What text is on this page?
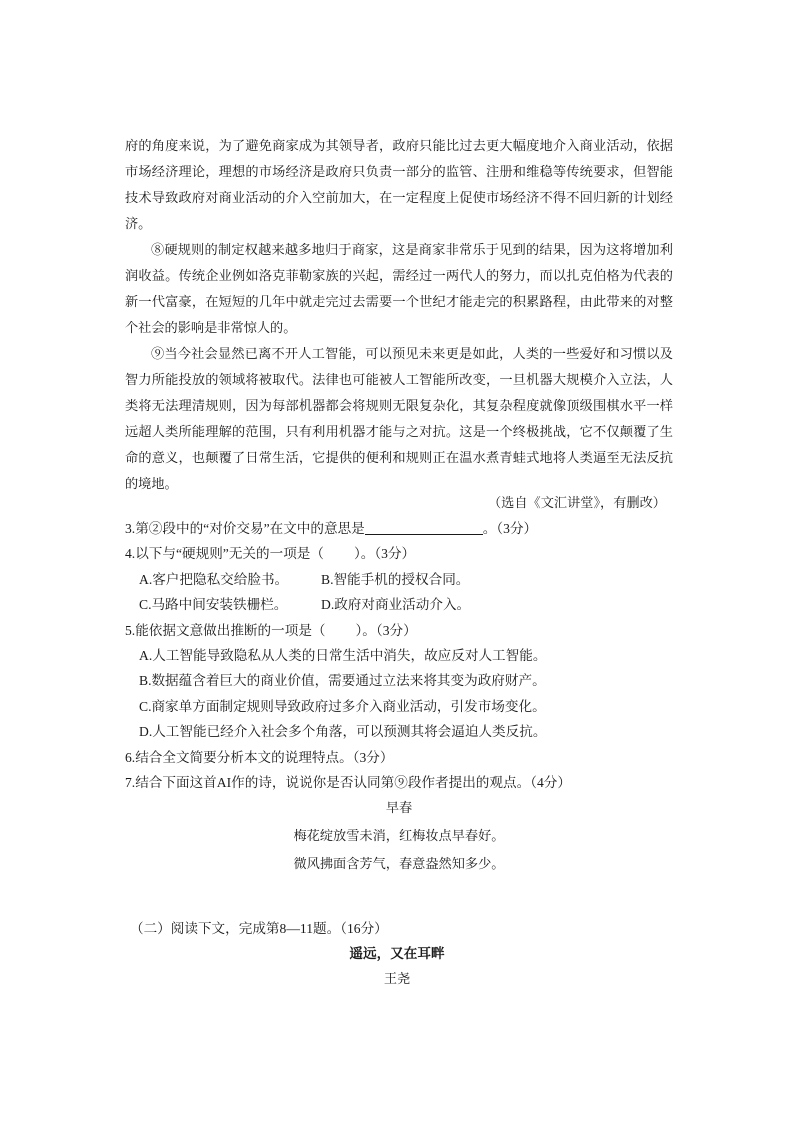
府的角度来说，为了避免商家成为其领导者，政府只能比过去更大幅度地介入商业活动，依据市场经济理论，理想的市场经济是政府只负责一部分的监管、注册和维稳等传统要求，但智能技术导致政府对商业活动的介入空前加大，在一定程度上促使市场经济不得不回归新的计划经济。

⑧硬规则的制定权越来越多地归于商家，这是商家非常乐于见到的结果，因为这将增加利润收益。传统企业例如洛克菲勒家族的兴起，需经过一两代人的努力，而以扎克伯格为代表的新一代富豪，在短短的几年中就走完过去需要一个世纪才能走完的积累路程，由此带来的对整个社会的影响是非常惊人的。

⑨当今社会显然已离不开人工智能，可以预见未来更是如此，人类的一些爱好和习惯以及智力所能投放的领域将被取代。法律也可能被人工智能所改变，一旦机器大规模介入立法，人类将无法理清规则，因为每部机器都会将规则无限复杂化，其复杂程度就像顶级围棋水平一样远超人类所能理解的范围，只有利用机器才能与之对抗。这是一个终极挑战，它不仅颠覆了生命的意义，也颠覆了日常生活，它提供的便利和规则正在温水煮青蛙式地将人类逼至无法反抗的境地。

（选自《文汇讲堂》，有删改）

3.第②段中的“对价交易”在文中的意思是	。（3分）

4.以下与“硬规则”无关的一项是（ ）。（3分）

A.客户把隐私交给脸书。	B.智能手机的授权合同。
C.马路中间安装铁栅栏。	D.政府对商业活动介入。

5.能依据文意做出推断的一项是（ ）。（3分）

A.人工智能导致隐私从人类的日常生活中消失，故应反对人工智能。

B.数据蕴含着巨大的商业价值，需要通过立法来将其变为政府财产。

C.商家单方面制定规则导致政府过多介入商业活动，引发市场变化。

D.人工智能已经介入社会多个角落，可以预测其将会逼迫人类反抗。

6.结合全文简要分析本文的说理特点。（3分）

7.结合下面这首AI作的诗，说说你是否认同第⑨段作者提出的观点。（4分）

早春

梅花绽放雪未消，红梅妆点早春好。

微风拂面含芳气，春意盎然知多少。

（二）阅读下文，完成第8—11题。（16分）
遥远，又在耳畔
王尧
